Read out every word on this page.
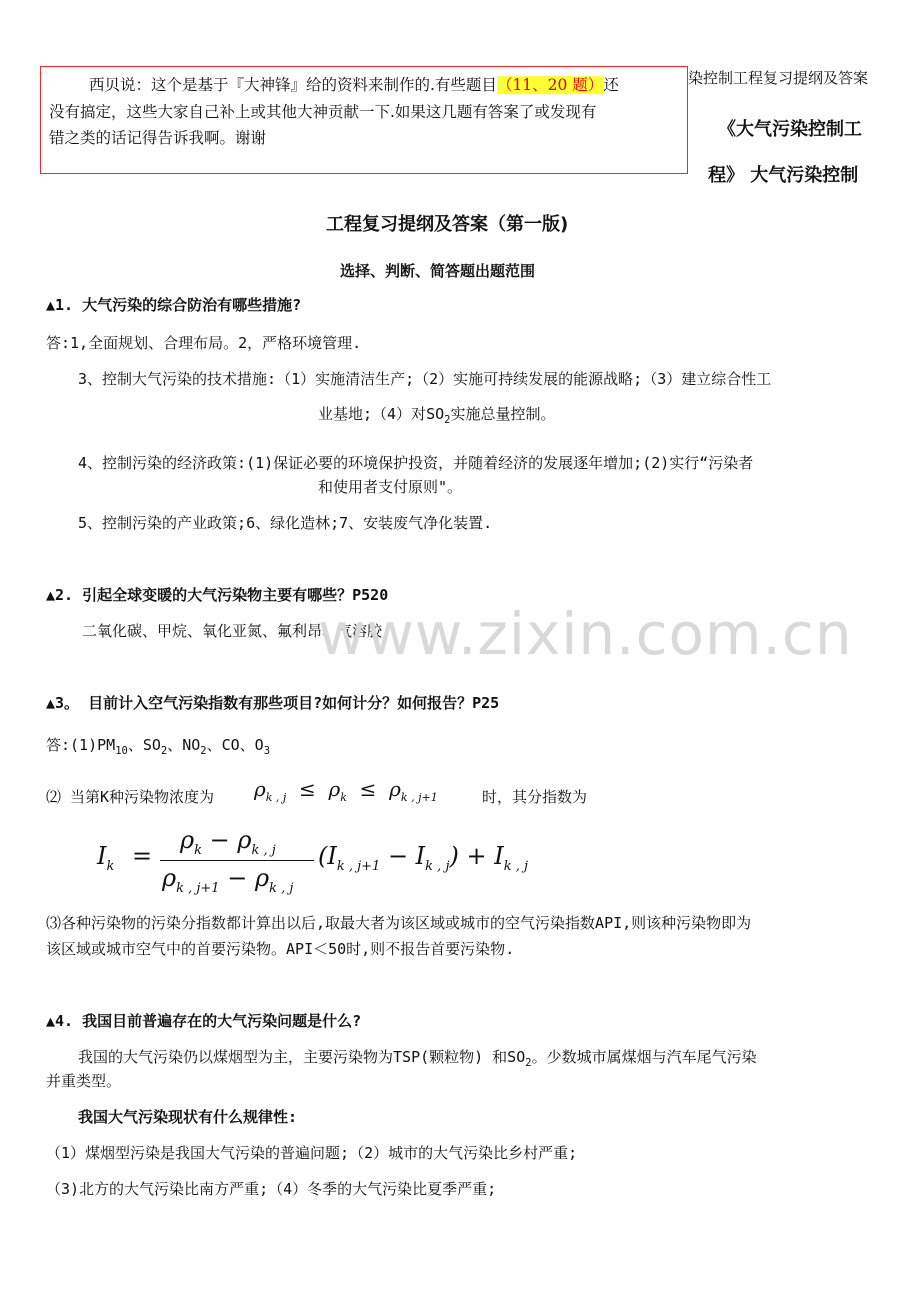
染控制工程复习提纲及答案
西贝说：这个是基于『大神锋』给的资料来制作的.有些题目（11、20 题）还
没有搞定，这些大家自己补上或其他大神贡献一下.如果这几题有答案了或发现有
错之类的话记得告诉我啊。谢谢	《大气污染控制工
程》 大气污染控制
工程复习提纲及答案（第一版)
选择、判断、简答题出题范围
▲1. 大气污染的综合防治有哪些措施?
答:1,全面规划、合理布局。2，严格环境管理.
3、控制大气污染的技术措施:（1）实施清洁生产;（2）实施可持续发展的能源战略;（3）建立综合性工
业基地;（4）对$SO_2$实施总量控制。
4、控制污染的经济政策:(1)保证必要的环境保护投资，并随着经济的发展逐年增加;(2)实行“污染者
和使用者支付原则"。
5、控制污染的产业政策;6、绿化造林;7、安装废气净化装置.
▲2. 引起全球变暖的大气污染物主要有哪些？P520
二氧化碳、甲烷、氧化亚氮、氟利昂、气溶胶
www.zixin.com.cn
▲3。 目前计入空气污染指数有那些项目?如何计分？如何报告？P25
答$:(1)PM_{10}$、$SO_2$、$NO_2$、CO、$O_3$
⑵ 当第K种污染物浓度为 $\rho_{k , j} \le \rho_k \le \rho_{k , j+1}$	时，其分指数为
$I_k$ =
$\rho_k - \rho_{k , j}$
$\rho_{k , j+1} - \rho_{k , j}$
$(I_{k , j+1} - I_{k , j}) + I_{k , j}$
⑶各种污染物的污染分指数都计算出以后,取最大者为该区域或城市的空气污染指数API,则该种污染物即为
该区域或城市空气中的首要污染物。API＜50时,则不报告首要污染物.
▲4. 我国目前普遍存在的大气污染问题是什么?
我国的大气污染仍以煤烟型为主，主要污染物为TSP(颗粒物) 和$SO_2$。少数城市属煤烟与汽车尾气污染
并重类型。
我国大气污染现状有什么规律性:
（1）煤烟型污染是我国大气污染的普遍问题;（2）城市的大气污染比乡村严重;
（3)北方的大气污染比南方严重;（4）冬季的大气污染比夏季严重;
